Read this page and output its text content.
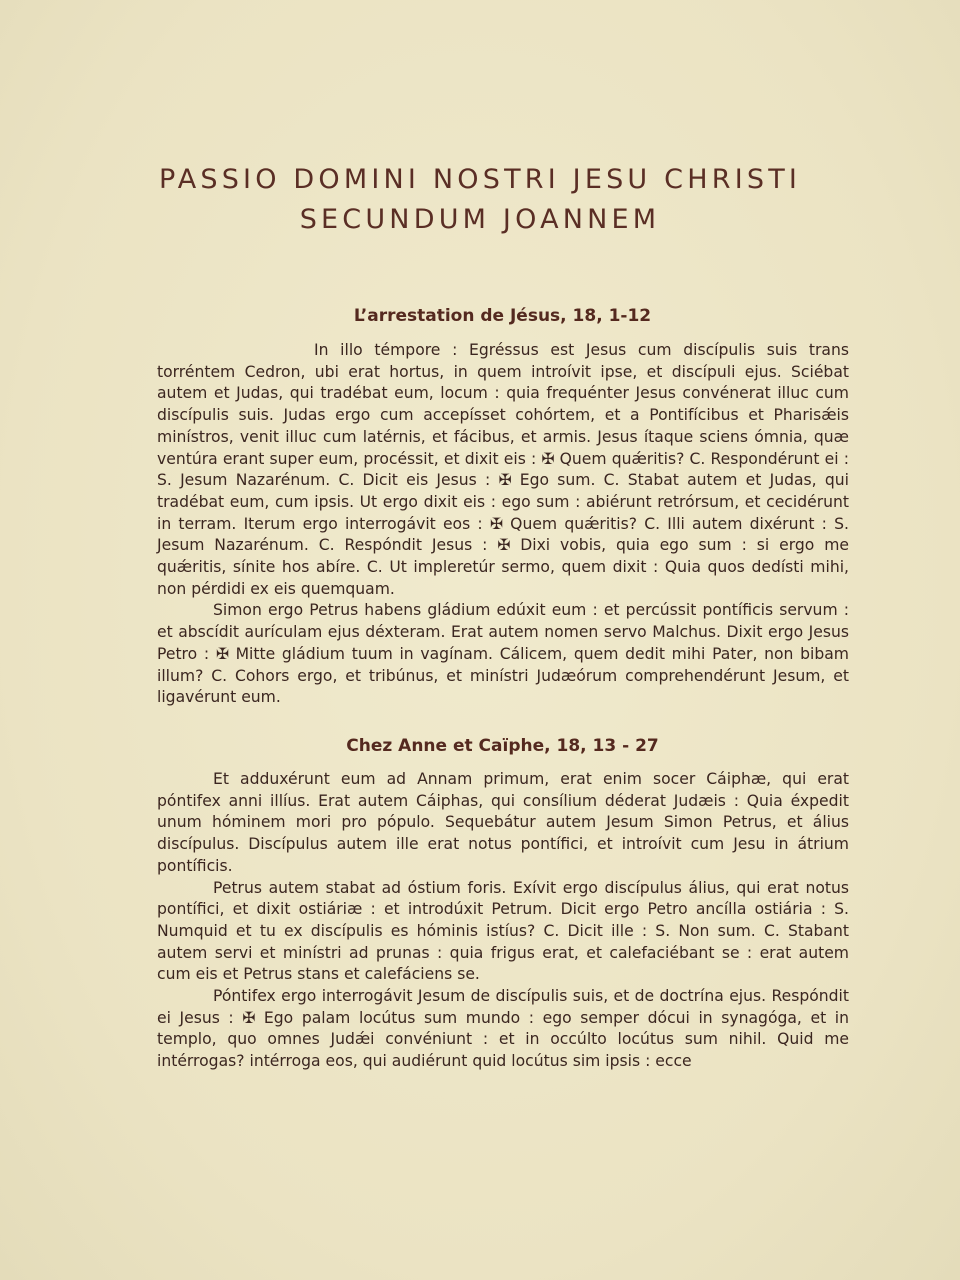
PASSIO DOMINI NOSTRI JESU CHRISTI
SECUNDUM JOANNEM
L’arrestation de Jésus, 18, 1-12

In illo témpore : Egréssus est Jesus cum discípulis suis trans torréntem Cedron, ubi erat hortus, in quem introívit ipse, et discípuli ejus. Sciébat autem et Judas, qui tradébat eum, locum : quia frequénter Jesus convénerat illuc cum discípulis suis. Judas ergo cum accepísset cohórtem, et a Pontifícibus et Pharisǽis minístros, venit illuc cum latérnis, et fácibus, et armis. Jesus ítaque sciens ómnia, quæ ventúra erant super eum, procéssit, et dixit eis : ✠ Quem quǽritis? C. Respondérunt ei : S. Jesum Nazarénum. C. Dicit eis Jesus : ✠ Ego sum. C. Stabat autem et Judas, qui tradébat eum, cum ipsis. Ut ergo dixit eis : ego sum : abiérunt retrórsum, et cecidérunt in terram. Iterum ergo interrogávit eos : ✠ Quem quǽritis? C. Illi autem dixérunt : S. Jesum Nazarénum. C. Respóndit Jesus : ✠ Dixi vobis, quia ego sum : si ergo me quǽritis, sínite hos abíre. C. Ut impleretúr sermo, quem dixit : Quia quos dedísti mihi, non pérdidi ex eis quemquam.

Simon ergo Petrus habens gládium edúxit eum : et percússit pontíficis servum : et abscídit aurículam ejus déxteram. Erat autem nomen servo Malchus. Dixit ergo Jesus Petro : ✠ Mitte gládium tuum in vagínam. Cálicem, quem dedit mihi Pater, non bibam illum? C. Cohors ergo, et tribúnus, et minístri Judæórum comprehendérunt Jesum, et ligavérunt eum.

Chez Anne et Caïphe, 18, 13 - 27

Et adduxérunt eum ad Annam primum, erat enim socer Cáiphæ, qui erat póntifex anni illíus. Erat autem Cáiphas, qui consílium déderat Judæis : Quia éxpedit unum hóminem mori pro pópulo. Sequebátur autem Jesum Simon Petrus, et álius discípulus. Discípulus autem ille erat notus pontífici, et introívit cum Jesu in átrium pontíficis.

Petrus autem stabat ad óstium foris. Exívit ergo discípulus álius, qui erat notus pontífici, et dixit ostiáriæ : et introdúxit Petrum. Dicit ergo Petro ancílla ostiária : S. Numquid et tu ex discípulis es hóminis istíus? C. Dicit ille : S. Non sum. C. Stabant autem servi et minístri ad prunas : quia frigus erat, et calefaciébant se : erat autem cum eis et Petrus stans et calefáciens se.

Póntifex ergo interrogávit Jesum de discípulis suis, et de doctrína ejus. Respóndit ei Jesus : ✠ Ego palam locútus sum mundo : ego semper dócui in synagóga, et in templo, quo omnes Judǽi convéniunt : et in occúlto locútus sum nihil. Quid me intérrogas? intérroga eos, qui audiérunt quid locútus sim ipsis : ecce
